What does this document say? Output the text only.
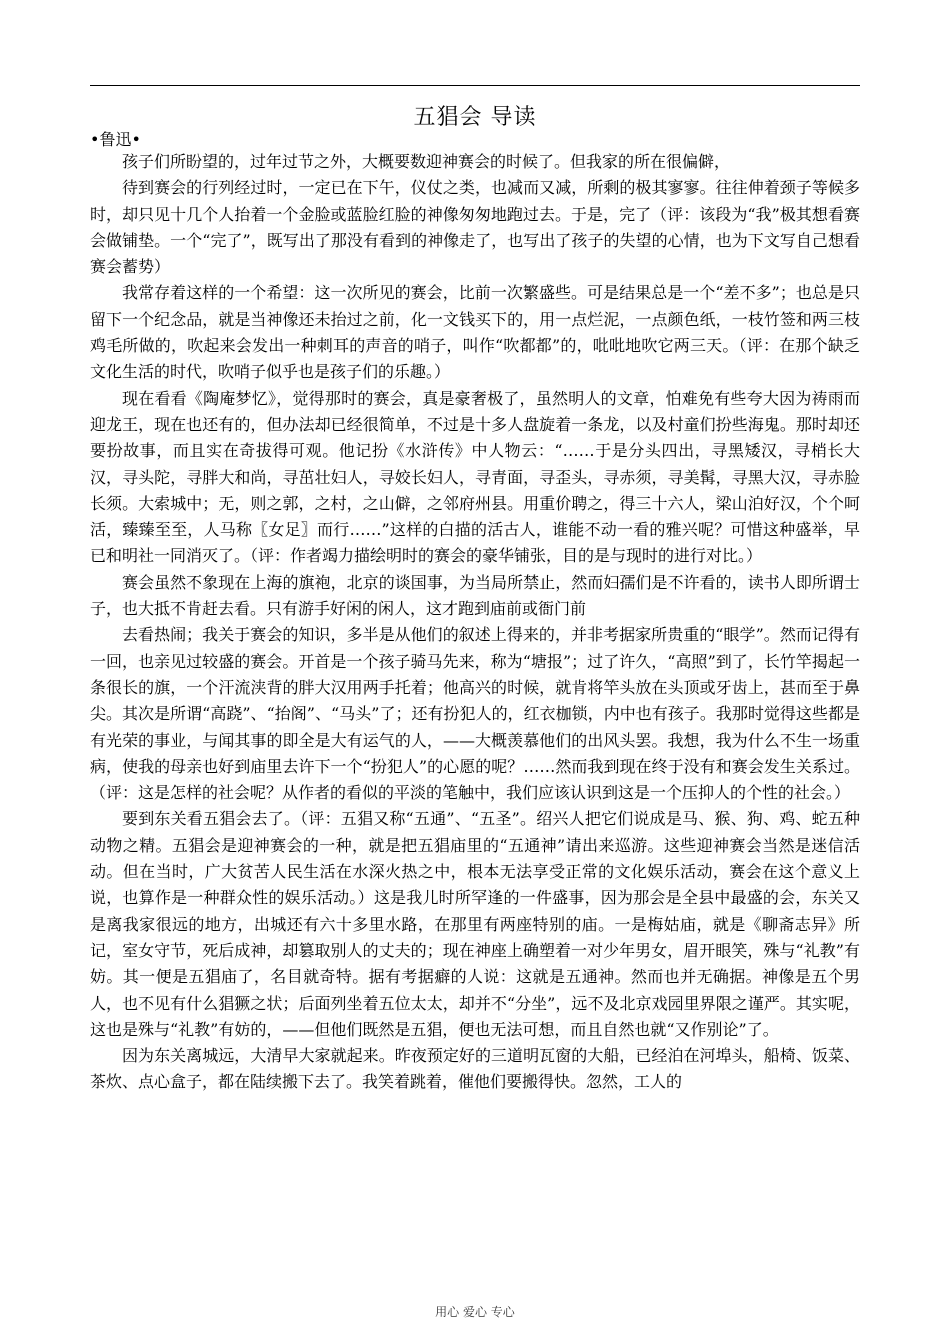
五猖会 导读
•鲁迅•

孩子们所盼望的，过年过节之外，大概要数迎神赛会的时候了。但我家的所在很偏僻，

待到赛会的行列经过时，一定已在下午，仪仗之类，也减而又减，所剩的极其寥寥。往往伸着颈子等候多时，却只见十几个人抬着一个金脸或蓝脸红脸的神像匆匆地跑过去。于是，完了（评：该段为“我”极其想看赛会做铺垫。一个“完了”，既写出了那没有看到的神像走了，也写出了孩子的失望的心情，也为下文写自己想看赛会蓄势）

我常存着这样的一个希望：这一次所见的赛会，比前一次繁盛些。可是结果总是一个“差不多”；也总是只留下一个纪念品，就是当神像还未抬过之前，化一文钱买下的，用一点烂泥，一点颜色纸，一枝竹签和两三枝鸡毛所做的，吹起来会发出一种刺耳的声音的哨子，叫作“吹都都”的，吡吡地吹它两三天。（评：在那个缺乏文化生活的时代，吹哨子似乎也是孩子们的乐趣。）

现在看看《陶庵梦忆》，觉得那时的赛会，真是豪奢极了，虽然明人的文章，怕难免有些夸大因为祷雨而迎龙王，现在也还有的，但办法却已经很简单，不过是十多人盘旋着一条龙，以及村童们扮些海鬼。那时却还要扮故事，而且实在奇拔得可观。他记扮《水浒传》中人物云：“……于是分头四出，寻黑矮汉，寻梢长大汉，寻头陀，寻胖大和尚，寻茁壮妇人，寻姣长妇人，寻青面，寻歪头，寻赤须，寻美髯，寻黑大汉，寻赤脸长须。大索城中；无，则之郭，之村，之山僻，之邻府州县。用重价聘之，得三十六人，梁山泊好汉，个个呵活，臻臻至至，人马称〖女足〗而行……”这样的白描的活古人，谁能不动一看的雅兴呢？可惜这种盛举，早已和明社一同消灭了。（评：作者竭力描绘明时的赛会的豪华铺张，目的是与现时的进行对比。）

赛会虽然不象现在上海的旗袍，北京的谈国事，为当局所禁止，然而妇孺们是不许看的，读书人即所谓士子，也大抵不肯赶去看。只有游手好闲的闲人，这才跑到庙前或衙门前

去看热闹；我关于赛会的知识，多半是从他们的叙述上得来的，并非考据家所贵重的“眼学”。然而记得有一回，也亲见过较盛的赛会。开首是一个孩子骑马先来，称为“塘报”；过了许久，“高照”到了，长竹竿揭起一条很长的旗，一个汗流浃背的胖大汉用两手托着；他高兴的时候，就肯将竿头放在头顶或牙齿上，甚而至于鼻尖。其次是所谓“高跷”、“抬阁”、“马头”了；还有扮犯人的，红衣枷锁，内中也有孩子。我那时觉得这些都是有光荣的事业，与闻其事的即全是大有运气的人，——大概羡慕他们的出风头罢。我想，我为什么不生一场重病，使我的母亲也好到庙里去许下一个“扮犯人”的心愿的呢？……然而我到现在终于没有和赛会发生关系过。（评：这是怎样的社会呢？从作者的看似的平淡的笔触中，我们应该认识到这是一个压抑人的个性的社会。）

要到东关看五猖会去了。（评：五猖又称“五通”、“五圣”。绍兴人把它们说成是马、猴、狗、鸡、蛇五种动物之精。五猖会是迎神赛会的一种，就是把五猖庙里的“五通神”请出来巡游。这些迎神赛会当然是迷信活动。但在当时，广大贫苦人民生活在水深火热之中，根本无法享受正常的文化娱乐活动，赛会在这个意义上说，也算作是一种群众性的娱乐活动。）这是我儿时所罕逢的一件盛事，因为那会是全县中最盛的会，东关又是离我家很远的地方，出城还有六十多里水路，在那里有两座特别的庙。一是梅姑庙，就是《聊斋志异》所记，室女守节，死后成神，却篡取别人的丈夫的；现在神座上确塑着一对少年男女，眉开眼笑，殊与“礼教”有妨。其一便是五猖庙了，名目就奇特。据有考据癖的人说：这就是五通神。然而也并无确据。神像是五个男人，也不见有什么猖獗之状；后面列坐着五位太太，却并不“分坐”，远不及北京戏园里界限之谨严。其实呢，这也是殊与“礼教”有妨的，——但他们既然是五猖，便也无法可想，而且自然也就“又作别论”了。

因为东关离城远，大清早大家就起来。昨夜预定好的三道明瓦窗的大船，已经泊在河埠头，船椅、饭菜、茶炊、点心盒子，都在陆续搬下去了。我笑着跳着，催他们要搬得快。忽然，工人的

用心 爱心 专心
